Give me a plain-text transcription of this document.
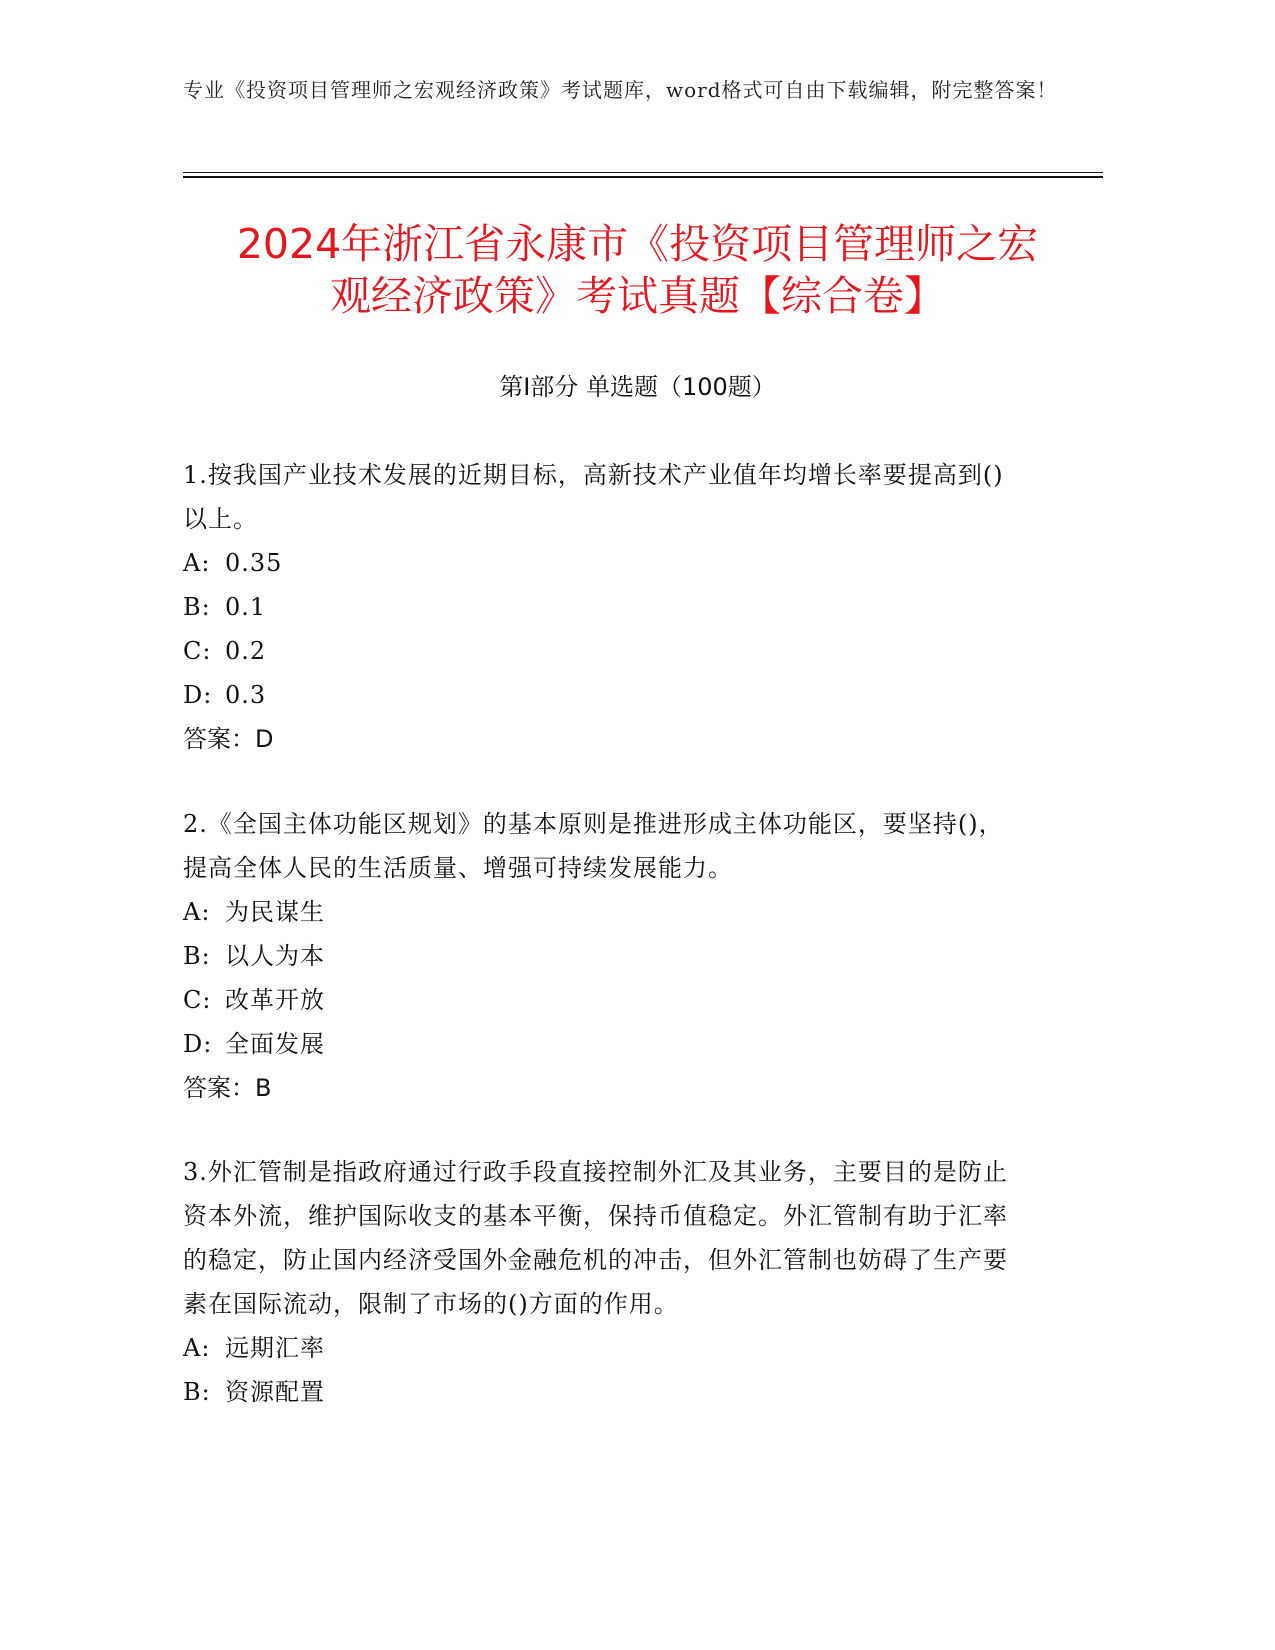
专业《投资项目管理师之宏观经济政策》考试题库，word格式可自由下载编辑，附完整答案！
2024年浙江省永康市《投资项目管理师之宏
观经济政策》考试真题【综合卷】
第I部分 单选题（100题）

1.按我国产业技术发展的近期目标，高新技术产业值年均增长率要提高到()以上。

A: 0.35

B: 0.1

C: 0.2

D: 0.3

答案：D

2.《全国主体功能区规划》的基本原则是推进形成主体功能区，要坚持()，提高全体人民的生活质量、增强可持续发展能力。

A: 为民谋生

B: 以人为本

C: 改革开放

D: 全面发展

答案：B

3.外汇管制是指政府通过行政手段直接控制外汇及其业务，主要目的是防止资本外流，维护国际收支的基本平衡，保持币值稳定。外汇管制有助于汇率的稳定，防止国内经济受国外金融危机的冲击，但外汇管制也妨碍了生产要素在国际流动，限制了市场的()方面的作用。

A: 远期汇率

B: 资源配置
